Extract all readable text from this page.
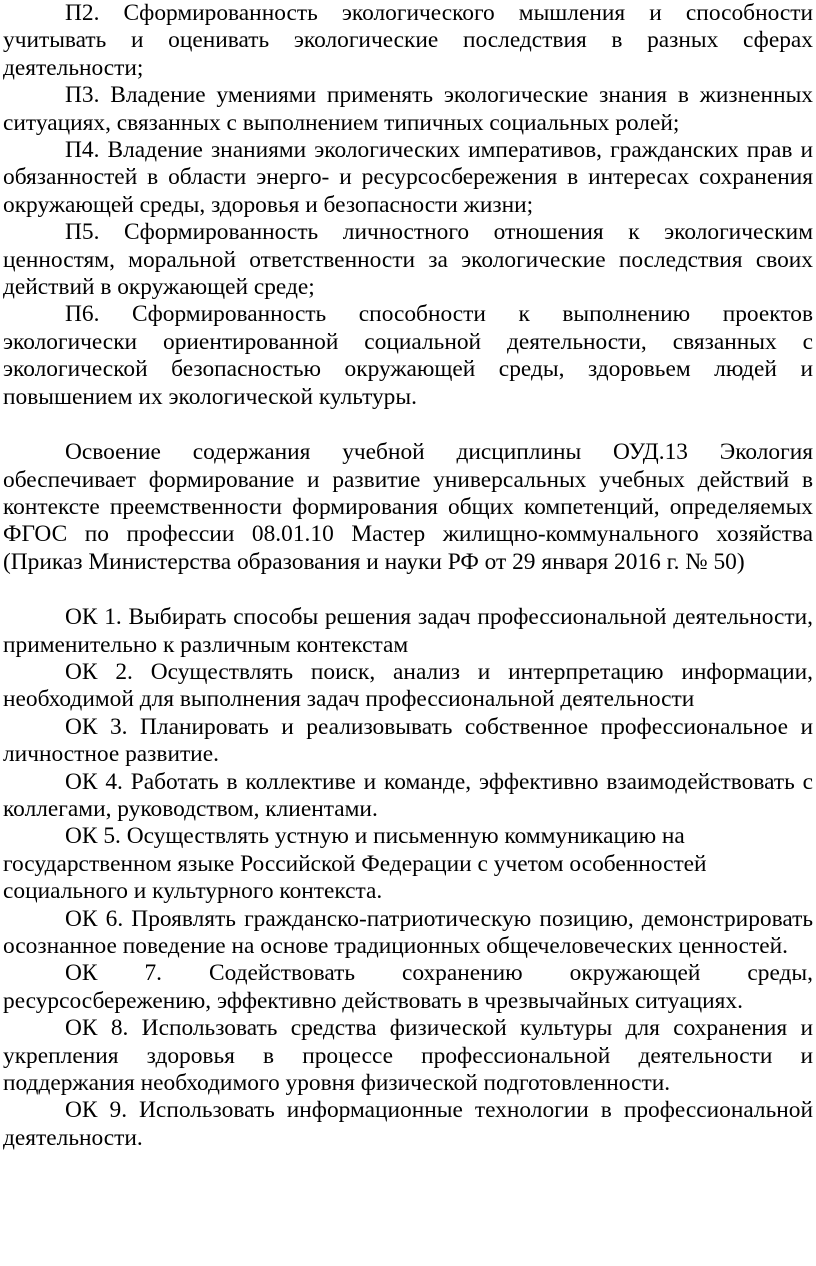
П2. Сформированность экологического мышления и способности учитывать и оценивать экологические последствия в разных сферах деятельности;

П3. Владение умениями применять экологические знания в жизненных ситуациях, связанных с выполнением типичных социальных ролей;

П4. Владение знаниями экологических императивов, гражданских прав и обязанностей в области энерго- и ресурсосбережения в интересах сохранения окружающей среды, здоровья и безопасности жизни;

П5. Сформированность личностного отношения к экологическим ценностям, моральной ответственности за экологические последствия своих действий в окружающей среде;

П6. Сформированность способности к выполнению проектов экологически ориентированной социальной деятельности, связанных с экологической безопасностью окружающей среды, здоровьем людей и повышением их экологической культуры.

Освоение содержания учебной дисциплины ОУД.13 Экология обеспечивает формирование и развитие универсальных учебных действий в контексте преемственности формирования общих компетенций, определяемых ФГОС по профессии 08.01.10 Мастер жилищно-коммунального хозяйства (Приказ Министерства образования и науки РФ от 29 января 2016 г. № 50)

ОК 1. Выбирать способы решения задач профессиональной деятельности, применительно к различным контекстам

ОК 2. Осуществлять поиск, анализ и интерпретацию информации, необходимой для выполнения задач профессиональной деятельности

ОК 3. Планировать и реализовывать собственное профессиональное и личностное развитие.

ОК 4. Работать в коллективе и команде, эффективно взаимодействовать с коллегами, руководством, клиентами.

ОК 5. Осуществлять устную и письменную коммуникацию на государственном языке Российской Федерации с учетом особенностей социального и культурного контекста.

ОК 6. Проявлять гражданско-патриотическую позицию, демонстрировать осознанное поведение на основе традиционных общечеловеческих ценностей.

ОК 7. Содействовать сохранению окружающей среды, ресурсосбережению, эффективно действовать в чрезвычайных ситуациях.

ОК 8. Использовать средства физической культуры для сохранения и укрепления здоровья в процессе профессиональной деятельности и поддержания необходимого уровня физической подготовленности.

ОК 9. Использовать информационные технологии в профессиональной деятельности.
